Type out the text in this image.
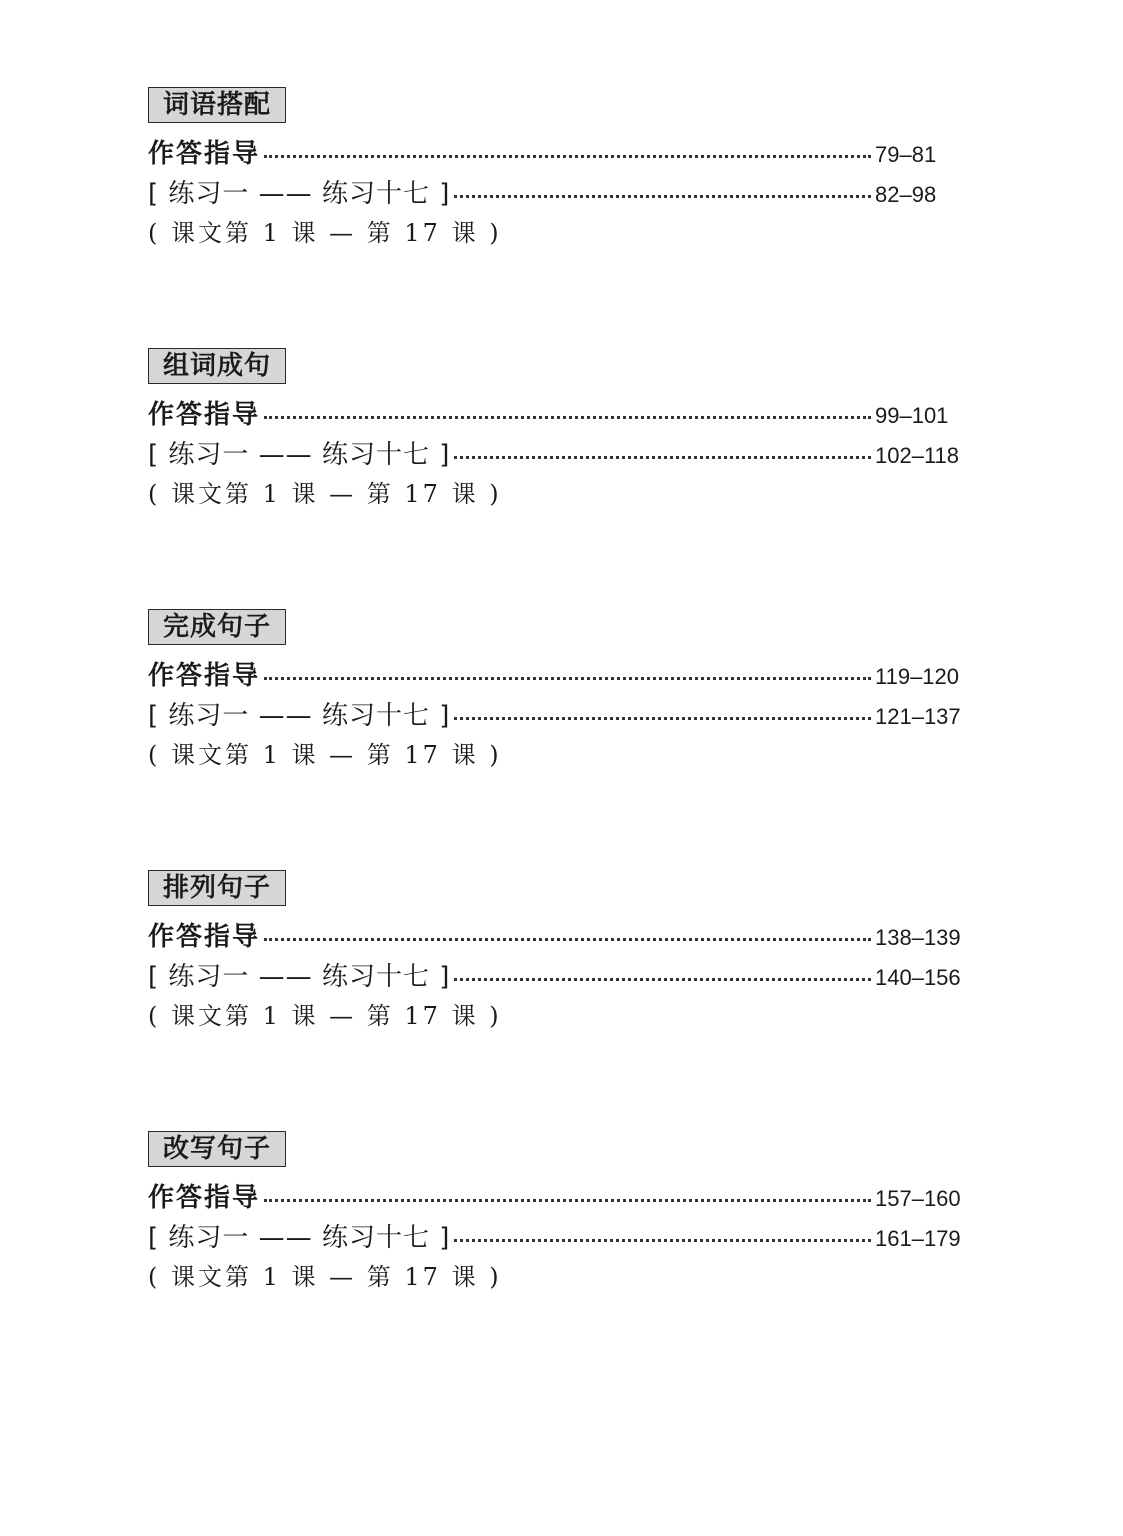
词语搭配
作答指导	79–81
[ 练习一 —— 练习十七 ]	82–98
( 课文第 1 课 — 第 17 课 )
组词成句
作答指导	99–101
[ 练习一 —— 练习十七 ]	102–118
( 课文第 1 课 — 第 17 课 )
完成句子
作答指导	119–120
[ 练习一 —— 练习十七 ]	121–137
( 课文第 1 课 — 第 17 课 )
排列句子
作答指导	138–139
[ 练习一 —— 练习十七 ]	140–156
( 课文第 1 课 — 第 17 课 )
改写句子
作答指导	157–160
[ 练习一 —— 练习十七 ]	161–179
( 课文第 1 课 — 第 17 课 )
